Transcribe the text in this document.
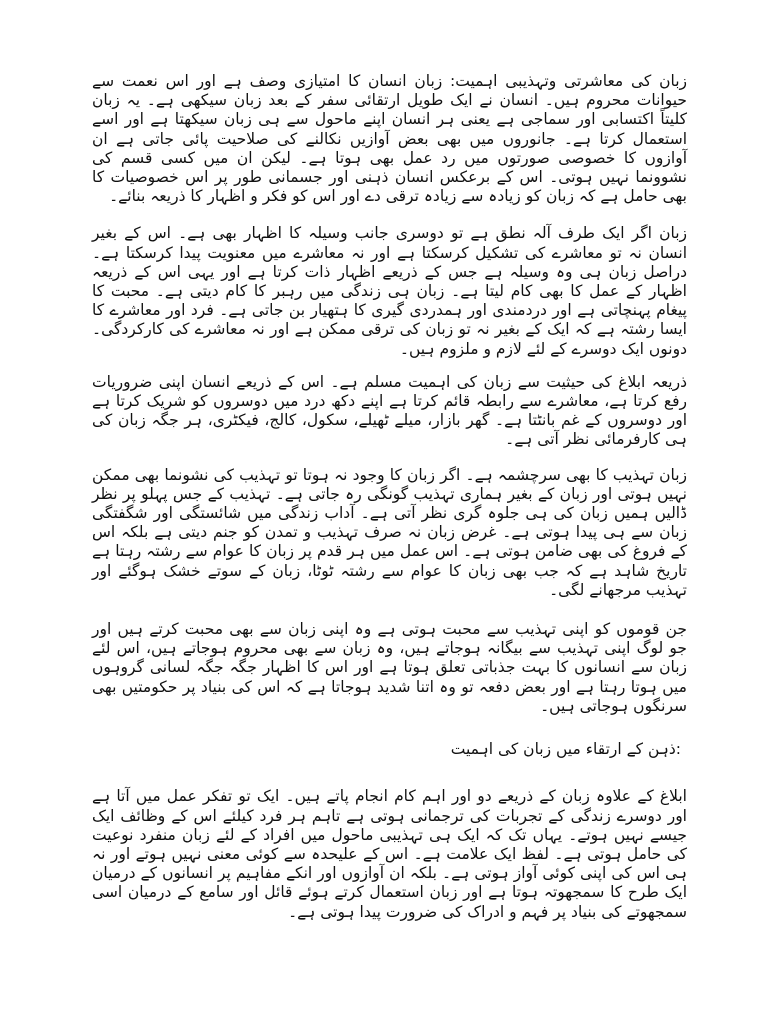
زبان کی معاشرتی وتہذیبی اہمیت: زبان انسان کا امتیازی وصف ہے اور اس نعمت سے حیوانات محروم ہیں۔ انسان نے ایک طویل ارتقائی سفر کے بعد زبان سیکھی ہے۔ یہ زبان کلیتاً اکتسابی اور سماجی ہے یعنی ہر انسان اپنے ماحول سے ہی زبان سیکھتا ہے اور اسے استعمال کرتا ہے۔ جانوروں میں بھی بعض آوازیں نکالنے کی صلاحیت پائی جاتی ہے ان آوازوں کا خصوصی صورتوں میں رد عمل بھی ہوتا ہے۔ لیکن ان میں کسی قسم کی نشوونما نہیں ہوتی۔ اس کے برعکس انسان ذہنی اور جسمانی طور پر اس خصوصیات کا بھی حامل ہے کہ زبان کو زیادہ سے زیادہ ترقی دے اور اس کو فکر و اظہار کا ذریعہ بنائے۔

زبان اگر ایک طرف آلہ نطق ہے تو دوسری جانب وسیلہ کا اظہار بھی ہے۔ اس کے بغیر انسان نہ تو معاشرے کی تشکیل کرسکتا ہے اور نہ معاشرے میں معنویت پیدا کرسکتا ہے۔ دراصل زبان ہی وہ وسیلہ ہے جس کے ذریعے اظہار ذات کرتا ہے اور یہی اس کے ذریعہ اظہار کے عمل کا بھی کام لیتا ہے۔ زبان ہی زندگی میں رہبر کا کام دیتی ہے۔ محبت کا پیغام پہنچاتی ہے اور دردمندی اور ہمدردی گیری کا ہتھیار بن جاتی ہے۔ فرد اور معاشرے کا ایسا رشتہ ہے کہ ایک کے بغیر نہ تو زبان کی ترقی ممکن ہے اور نہ معاشرے کی کارکردگی۔ دونوں ایک دوسرے کے لئے لازم و ملزوم ہیں۔

ذریعہ ابلاغ کی حیثیت سے زبان کی اہمیت مسلم ہے۔ اس کے ذریعے انسان اپنی ضروریات رفع کرتا ہے، معاشرے سے رابطہ قائم کرتا ہے اپنے دکھ درد میں دوسروں کو شریک کرتا ہے اور دوسروں کے غم بانٹتا ہے۔ گھر بازار، میلے ٹھیلے، سکول، کالج، فیکٹری، ہر جگہ زبان کی ہی کارفرمائی نظر آتی ہے۔

زبان تہذیب کا بھی سرچشمہ ہے۔ اگر زبان کا وجود نہ ہوتا تو تہذیب کی نشونما بھی ممکن نہیں ہوتی اور زبان کے بغیر ہماری تہذیب گونگی رہ جاتی ہے۔ تہذیب کے جس پہلو پر نظر ڈالیں ہمیں زبان کی ہی جلوہ گری نظر آتی ہے۔ آداب زندگی میں شائستگی اور شگفتگی زبان سے ہی پیدا ہوتی ہے۔ غرض زبان نہ صرف تہذیب و تمدن کو جنم دیتی ہے بلکہ اس کے فروغ کی بھی ضامن ہوتی ہے۔ اس عمل میں ہر قدم پر زبان کا عوام سے رشتہ رہتا ہے تاریخ شاہد ہے کہ جب بھی زبان کا عوام سے رشتہ ٹوٹا، زبان کے سوتے خشک ہوگئے اور تہذیب مرجھانے لگی۔

جن قوموں کو اپنی تہذیب سے محبت ہوتی ہے وہ اپنی زبان سے بھی محبت کرتے ہیں اور جو لوگ اپنی تہذیب سے بیگانہ ہوجاتے ہیں، وہ زبان سے بھی محروم ہوجاتے ہیں، اس لئے زبان سے انسانوں کا بہت جذباتی تعلق ہوتا ہے اور اس کا اظہار جگہ جگہ لسانی گروہوں میں ہوتا رہتا ہے اور بعض دفعہ تو وہ اتنا شدید ہوجاتا ہے کہ اس کی بنیاد پر حکومتیں بھی سرنگوں ہوجاتی ہیں۔

:ذہن کے ارتقاء میں زبان کی اہمیت

ابلاغ کے علاوہ زبان کے ذریعے دو اور اہم کام انجام پاتے ہیں۔ ایک تو تفکر عمل میں آتا ہے اور دوسرے زندگی کے تجربات کی ترجمانی ہوتی ہے تاہم ہر فرد کیلئے اس کے وظائف ایک جیسے نہیں ہوتے۔ یہاں تک کہ ایک ہی تہذیبی ماحول میں افراد کے لئے زبان منفرد نوعیت کی حامل ہوتی ہے۔ لفظ ایک علامت ہے۔ اس کے علیحدہ سے کوئی معنی نہیں ہوتے اور نہ ہی اس کی اپنی کوئی آواز ہوتی ہے۔ بلکہ ان آوازوں اور انکے مفاہیم پر انسانوں کے درمیان ایک طرح کا سمجھوتہ ہوتا ہے اور زبان استعمال کرتے ہوئے قائل اور سامع کے درمیان اسی سمجھوتے کی بنیاد پر فہم و ادراک کی ضرورت پیدا ہوتی ہے۔
